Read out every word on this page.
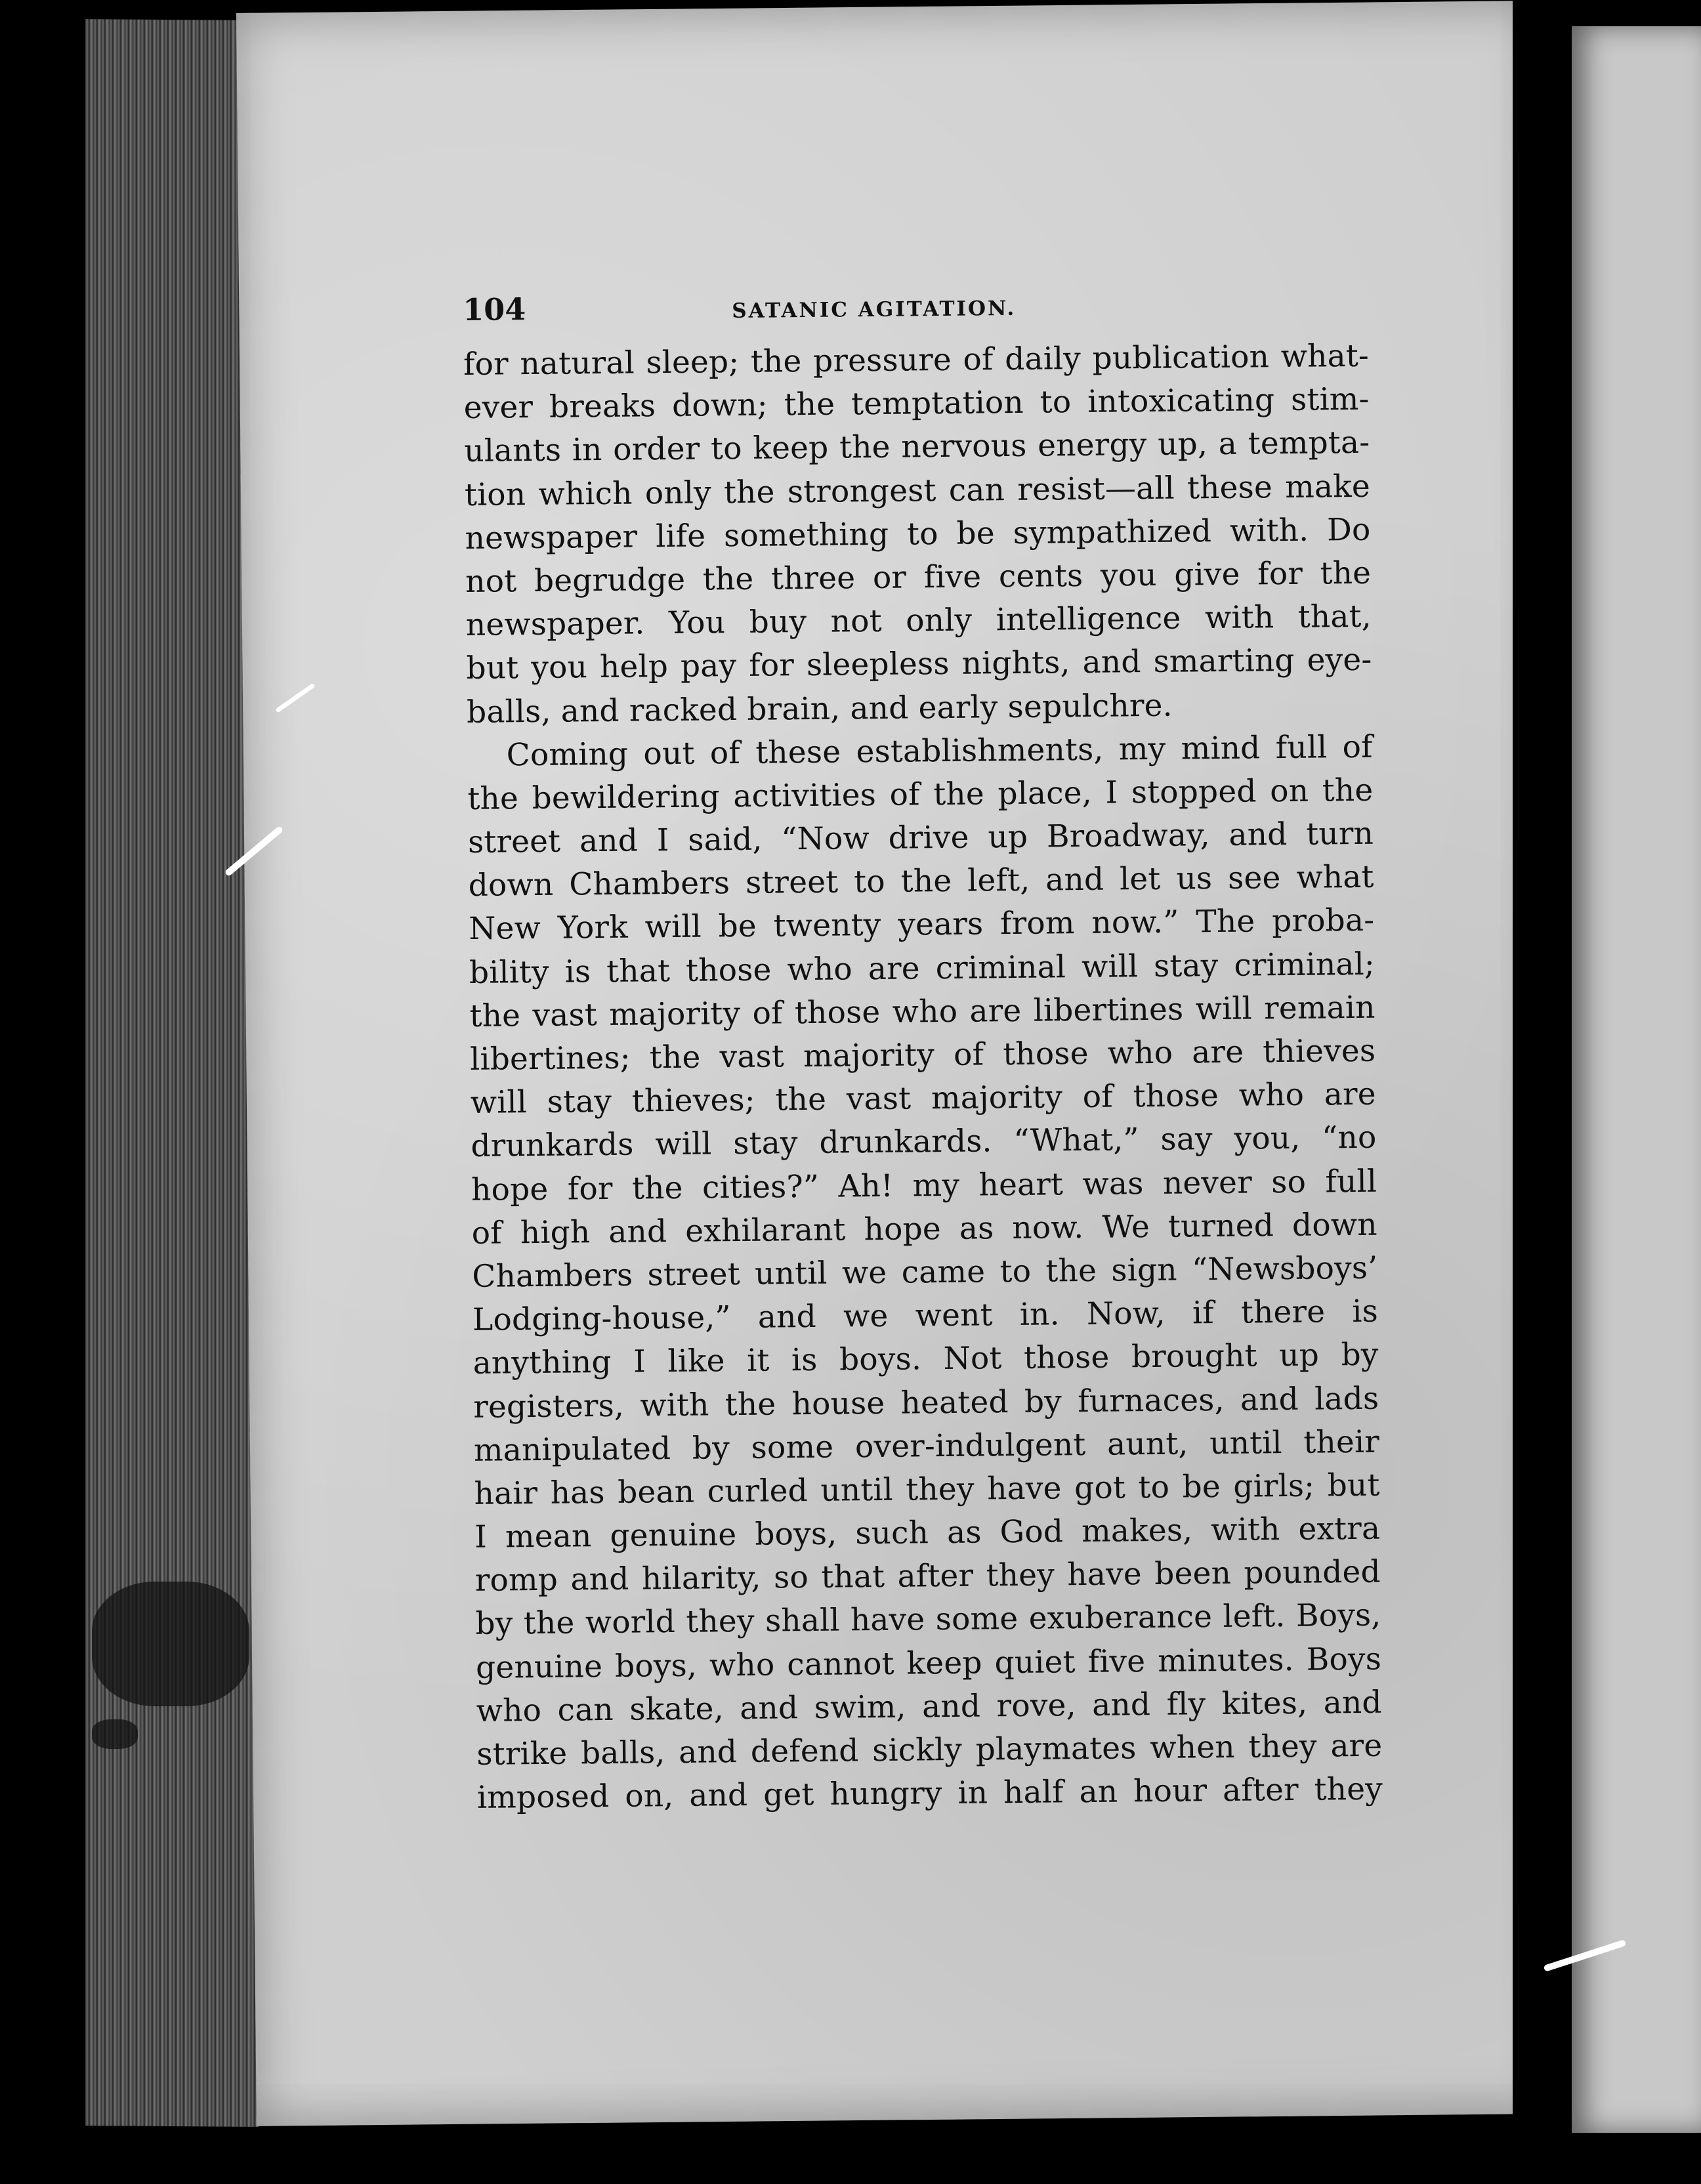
104	SATANIC AGITATION.
for natural sleep; the pressure of daily publication what-
ever breaks down; the temptation to intoxicating stim-
ulants in order to keep the nervous energy up, a tempta-
tion which only the strongest can resist—all these make
newspaper life something to be sympathized with. Do
not begrudge the three or five cents you give for the
newspaper. You buy not only intelligence with that,
but you help pay for sleepless nights, and smarting eye-
balls, and racked brain, and early sepulchre.
Coming out of these establishments, my mind full of
the bewildering activities of the place, I stopped on the
street and I said, “Now drive up Broadway, and turn
down Chambers street to the left, and let us see what
New York will be twenty years from now.” The proba-
bility is that those who are criminal will stay criminal;
the vast majority of those who are libertines will remain
libertines; the vast majority of those who are thieves
will stay thieves; the vast majority of those who are
drunkards will stay drunkards. “What,” say you, “no
hope for the cities?” Ah! my heart was never so full
of high and exhilarant hope as now. We turned down
Chambers street until we came to the sign “Newsboys’
Lodging-house,” and we went in. Now, if there is
anything I like it is boys. Not those brought up by
registers, with the house heated by furnaces, and lads
manipulated by some over-indulgent aunt, until their
hair has bean curled until they have got to be girls; but
I mean genuine boys, such as God makes, with extra
romp and hilarity, so that after they have been pounded
by the world they shall have some exuberance left. Boys,
genuine boys, who cannot keep quiet five minutes. Boys
who can skate, and swim, and rove, and fly kites, and
strike balls, and defend sickly playmates when they are
imposed on, and get hungry in half an hour after they
